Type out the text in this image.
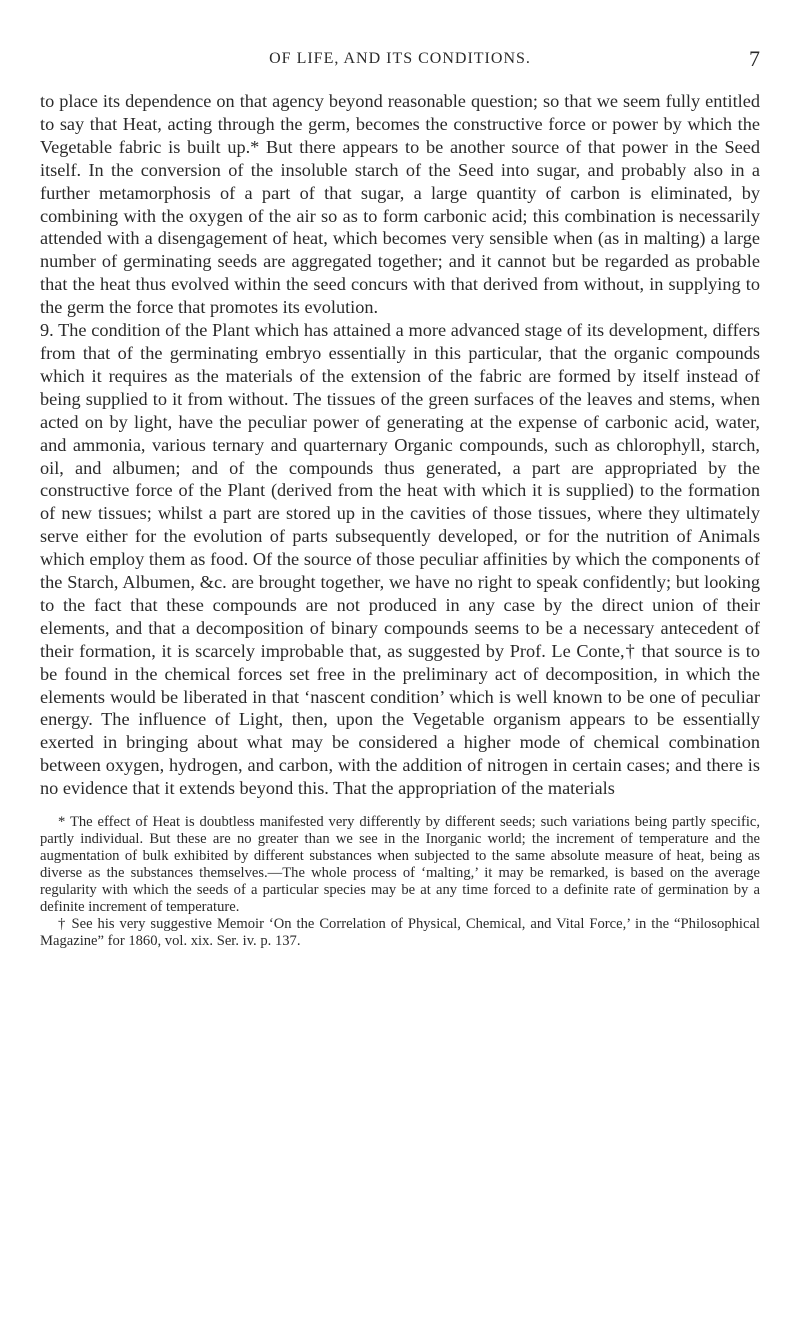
OF LIFE, AND ITS CONDITIONS.	7

to place its dependence on that agency beyond reasonable question; so that we seem fully entitled to say that Heat, acting through the germ, becomes the constructive force or power by which the Vegetable fabric is built up.* But there appears to be another source of that power in the Seed itself. In the conversion of the insoluble starch of the Seed into sugar, and probably also in a further metamorphosis of a part of that sugar, a large quantity of carbon is eliminated, by combining with the oxygen of the air so as to form carbonic acid; this combination is necessarily attended with a disengagement of heat, which becomes very sensible when (as in malting) a large number of germinating seeds are aggregated together; and it cannot but be regarded as probable that the heat thus evolved within the seed concurs with that derived from without, in supplying to the germ the force that promotes its evolution.

9. The condition of the Plant which has attained a more advanced stage of its development, differs from that of the germinating embryo essentially in this particular, that the organic compounds which it requires as the materials of the extension of the fabric are formed by itself instead of being supplied to it from without. The tissues of the green surfaces of the leaves and stems, when acted on by light, have the peculiar power of generating at the expense of carbonic acid, water, and ammonia, various ternary and quarternary Organic compounds, such as chlorophyll, starch, oil, and albumen; and of the compounds thus generated, a part are appropriated by the constructive force of the Plant (derived from the heat with which it is supplied) to the formation of new tissues; whilst a part are stored up in the cavities of those tissues, where they ultimately serve either for the evolution of parts subsequently developed, or for the nutrition of Animals which employ them as food. Of the source of those peculiar affinities by which the components of the Starch, Albumen, &c. are brought together, we have no right to speak confidently; but looking to the fact that these compounds are not produced in any case by the direct union of their elements, and that a decomposition of binary compounds seems to be a necessary antecedent of their formation, it is scarcely improbable that, as suggested by Prof. Le Conte,† that source is to be found in the chemical forces set free in the preliminary act of decomposition, in which the elements would be liberated in that ‘nascent condition’ which is well known to be one of peculiar energy. The influence of Light, then, upon the Vegetable organism appears to be essentially exerted in bringing about what may be considered a higher mode of chemical combination between oxygen, hydrogen, and carbon, with the addition of nitrogen in certain cases; and there is no evidence that it extends beyond this. That the appropriation of the materials

* The effect of Heat is doubtless manifested very differently by different seeds; such variations being partly specific, partly individual. But these are no greater than we see in the Inorganic world; the increment of temperature and the augmentation of bulk exhibited by different substances when subjected to the same absolute measure of heat, being as diverse as the substances themselves.—The whole process of ‘malting,’ it may be remarked, is based on the average regularity with which the seeds of a particular species may be at any time forced to a definite rate of germination by a definite increment of temperature.

† See his very suggestive Memoir ‘On the Correlation of Physical, Chemical, and Vital Force,’ in the “Philosophical Magazine” for 1860, vol. xix. Ser. iv. p. 137.
